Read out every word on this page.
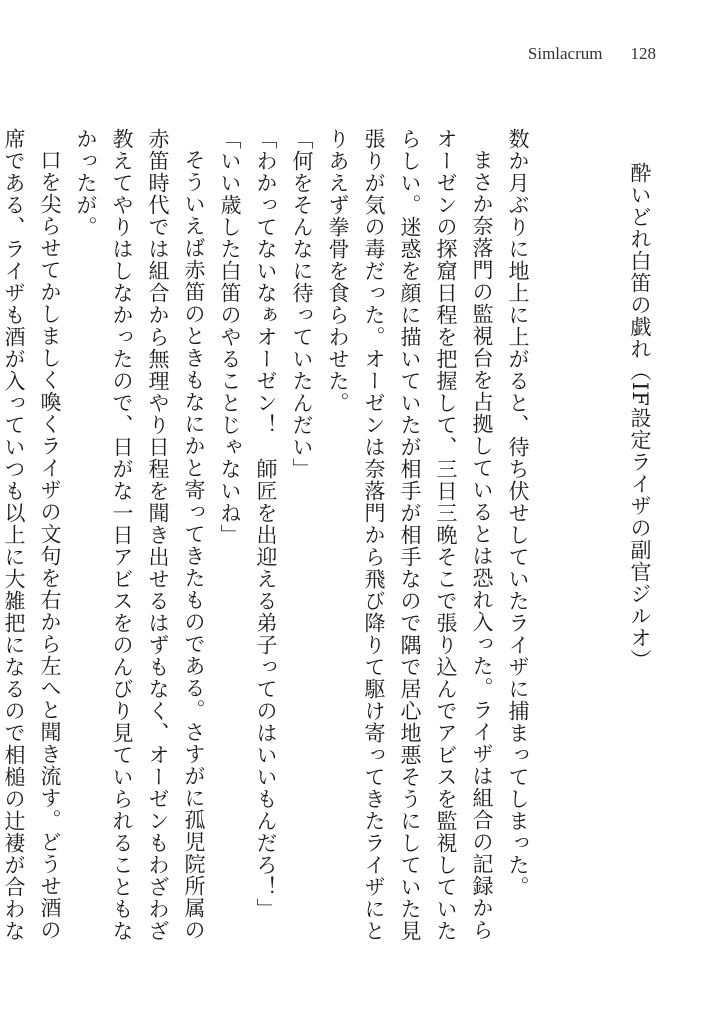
Simlacrum 128
酔いどれ白笛の戯れ（IF設定ライザの副官ジルオ）

数か月ぶりに地上に上がると、待ち伏せしていたライザに捕まってしまった。

まさか奈落門の監視台を占拠しているとは恐れ入った。ライザは組合の記録からオーゼンの探窟日程を把握して、三日三晩そこで張り込んでアビスを監視していたらしい。迷惑を顔に描いていたが相手が相手なので隅で居心地悪そうにしていた見張りが気の毒だった。オーゼンは奈落門から飛び降りて駆け寄ってきたライザにとりあえず拳骨を食らわせた。

「何をそんなに待っていたんだい」

「わかってないなぁオーゼン！　師匠を出迎える弟子ってのはいいもんだろ！」

「いい歳した白笛のやることじゃないね」

そういえば赤笛のときもなにかと寄ってきたものである。さすがに孤児院所属の赤笛時代では組合から無理やり日程を聞き出せるはずもなく、オーゼンもわざわざ教えてやりはしなかったので、日がな一日アビスをのんびり見ていられることもなかったが。

口を尖らせてかしましく喚くライザの文句を右から左へと聞き流す。どうせ酒の席である、ライザも酒が入っていつも以上に大雑把になるので相槌の辻褄が合わな
